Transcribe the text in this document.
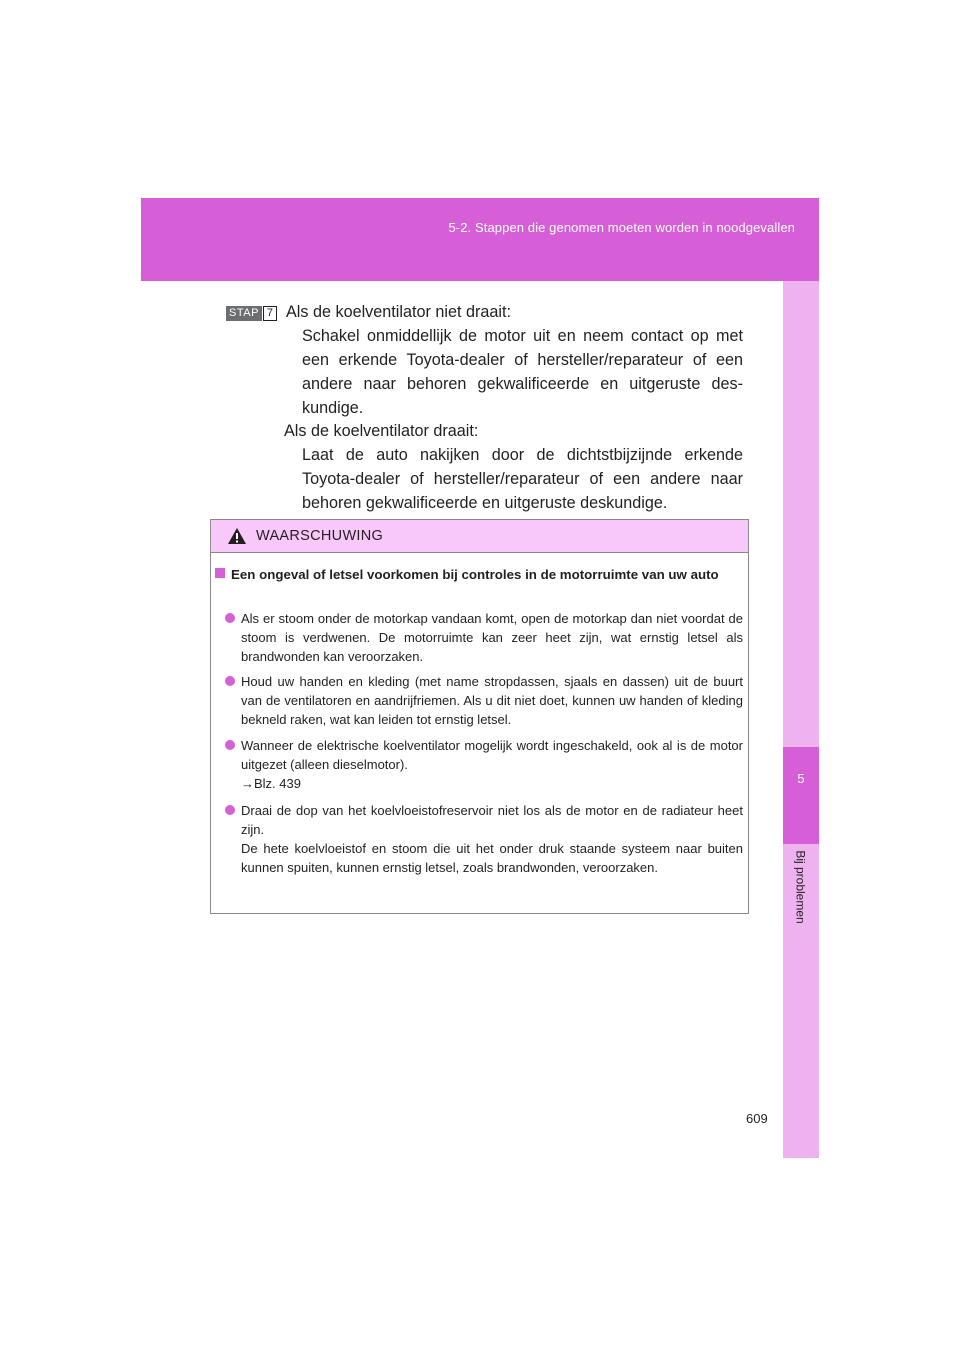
5-2. Stappen die genomen moeten worden in noodgevallen
5
Bij problemen
STAP 7 Als de koelventilator niet draait:
Schakel onmiddellijk de motor uit en neem contact op met een erkende Toyota-dealer of hersteller/reparateur of een andere naar behoren gekwalificeerde en uitgeruste des-kundige.
Als de koelventilator draait:
Laat de auto nakijken door de dichtstbijzijnde erkende Toyota-dealer of hersteller/reparateur of een andere naar behoren gekwalificeerde en uitgeruste deskundige.
WAARSCHUWING
Een ongeval of letsel voorkomen bij controles in de motorruimte van uw auto
Als er stoom onder de motorkap vandaan komt, open de motorkap dan niet voordat de stoom is verdwenen. De motorruimte kan zeer heet zijn, wat ernstig letsel als brandwonden kan veroorzaken.
Houd uw handen en kleding (met name stropdassen, sjaals en dassen) uit de buurt van de ventilatoren en aandrijfriemen. Als u dit niet doet, kunnen uw handen of kleding bekneld raken, wat kan leiden tot ernstig letsel.
Wanneer de elektrische koelventilator mogelijk wordt ingeschakeld, ook al is de motor uitgezet (alleen dieselmotor).
→Blz. 439
Draai de dop van het koelvloeistofreservoir niet los als de motor en de radiateur heet zijn.
De hete koelvloeistof en stoom die uit het onder druk staande systeem naar buiten kunnen spuiten, kunnen ernstig letsel, zoals brandwonden, veroorzaken.
609
